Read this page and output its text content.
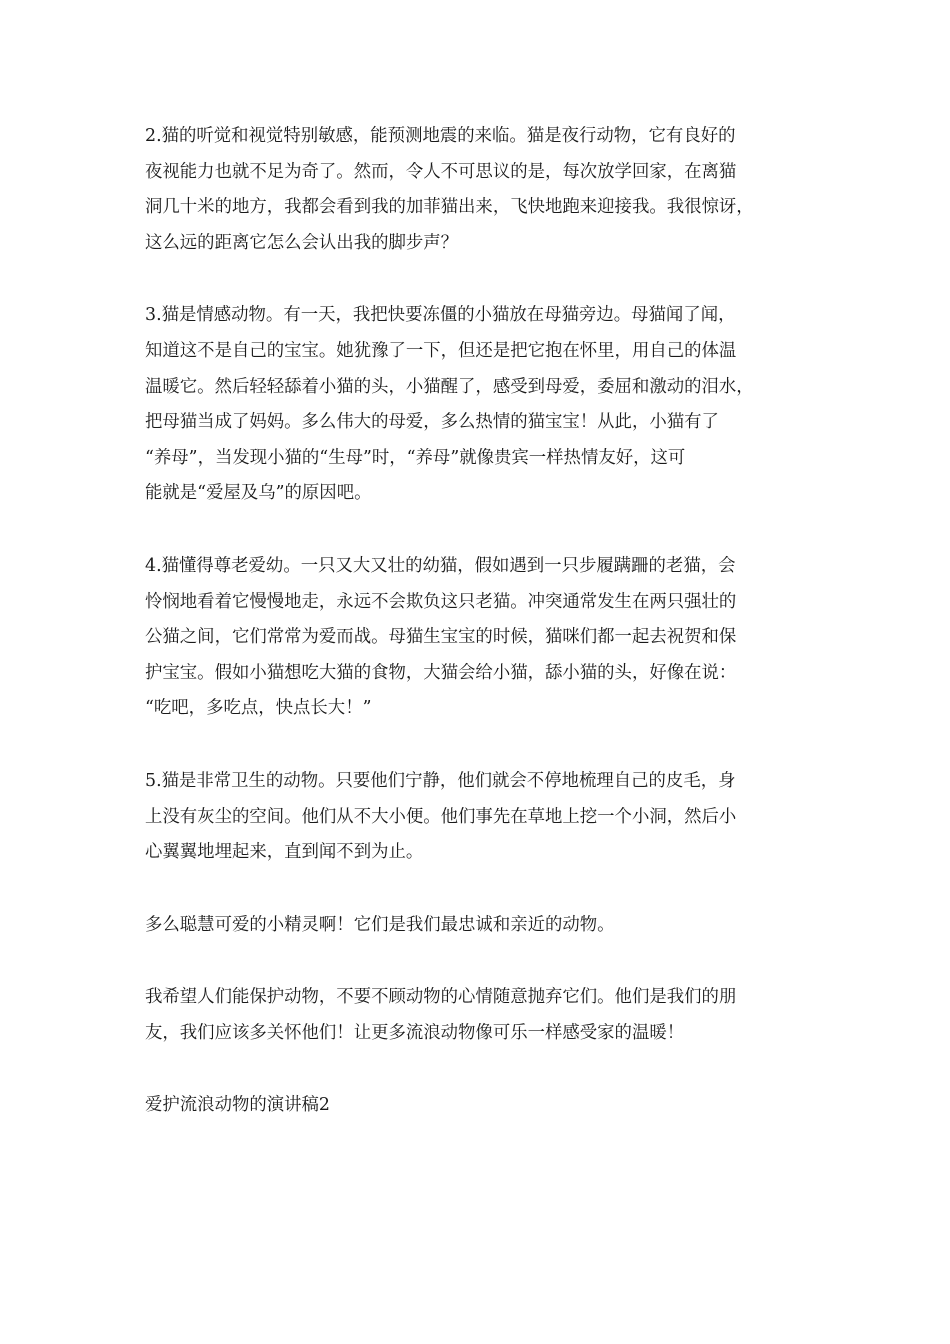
2.猫的听觉和视觉特别敏感，能预测地震的来临。猫是夜行动物，它有良好的
夜视能力也就不足为奇了。然而，令人不可思议的是，每次放学回家，在离猫
洞几十米的地方，我都会看到我的加菲猫出来，飞快地跑来迎接我。我很惊讶，
这么远的距离它怎么会认出我的脚步声？
3.猫是情感动物。有一天，我把快要冻僵的小猫放在母猫旁边。母猫闻了闻，
知道这不是自己的宝宝。她犹豫了一下，但还是把它抱在怀里，用自己的体温
温暖它。然后轻轻舔着小猫的头，小猫醒了，感受到母爱，委屈和激动的泪水，
把母猫当成了妈妈。多么伟大的母爱，多么热情的猫宝宝！从此，小猫有了
“养母”，当发现小猫的“生母”时，“养母”就像贵宾一样热情友好，这可
能就是“爱屋及乌”的原因吧。
4.猫懂得尊老爱幼。一只又大又壮的幼猫，假如遇到一只步履蹒跚的老猫，会
怜悯地看着它慢慢地走，永远不会欺负这只老猫。冲突通常发生在两只强壮的
公猫之间，它们常常为爱而战。母猫生宝宝的时候，猫咪们都一起去祝贺和保
护宝宝。假如小猫想吃大猫的食物，大猫会给小猫，舔小猫的头，好像在说：
“吃吧，多吃点，快点长大！”
5.猫是非常卫生的动物。只要他们宁静，他们就会不停地梳理自己的皮毛，身
上没有灰尘的空间。他们从不大小便。他们事先在草地上挖一个小洞，然后小
心翼翼地埋起来，直到闻不到为止。
多么聪慧可爱的小精灵啊！它们是我们最忠诚和亲近的动物。
我希望人们能保护动物，不要不顾动物的心情随意抛弃它们。他们是我们的朋
友，我们应该多关怀他们！让更多流浪动物像可乐一样感受家的温暖！
爱护流浪动物的演讲稿2
